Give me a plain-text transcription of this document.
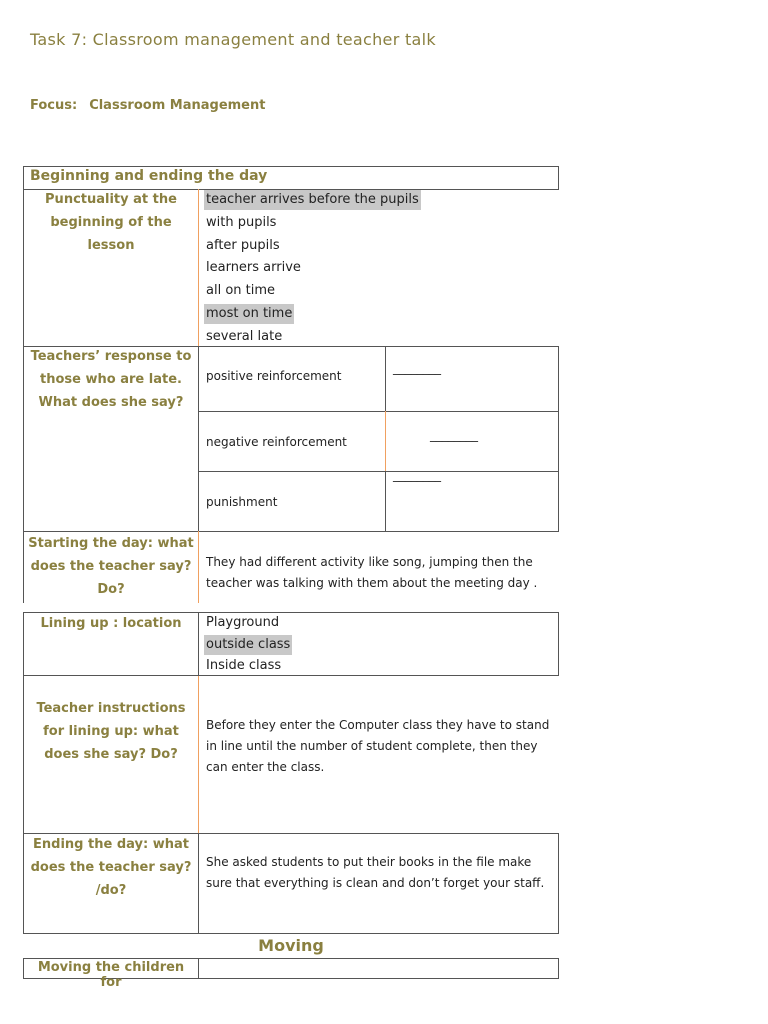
Task 7: Classroom management and teacher talk
Focus: Classroom Management
Beginning and ending the day
Punctuality at the beginning of the lesson
teacher arrives before the pupils
with pupils
after pupils
learners arrive
all on time
most on time
several late
Teachers’ response to those who are late. What does she say?
positive reinforcement
negative reinforcement
punishment
________
________
________
Starting the day: what does the teacher say? Do?
They had different activity like song, jumping then the teacher was talking with them about the meeting day .
Lining up : location	Playground
outside class
Inside class
Teacher instructions for lining up: what does she say? Do?
Before they enter the Computer class they have to stand in line until the number of student complete, then they can enter the class.
Ending the day: what does the teacher say? /do?
She asked students to put their books in the file make sure that everything is clean and don’t forget your staff.
Moving
Moving the children for
